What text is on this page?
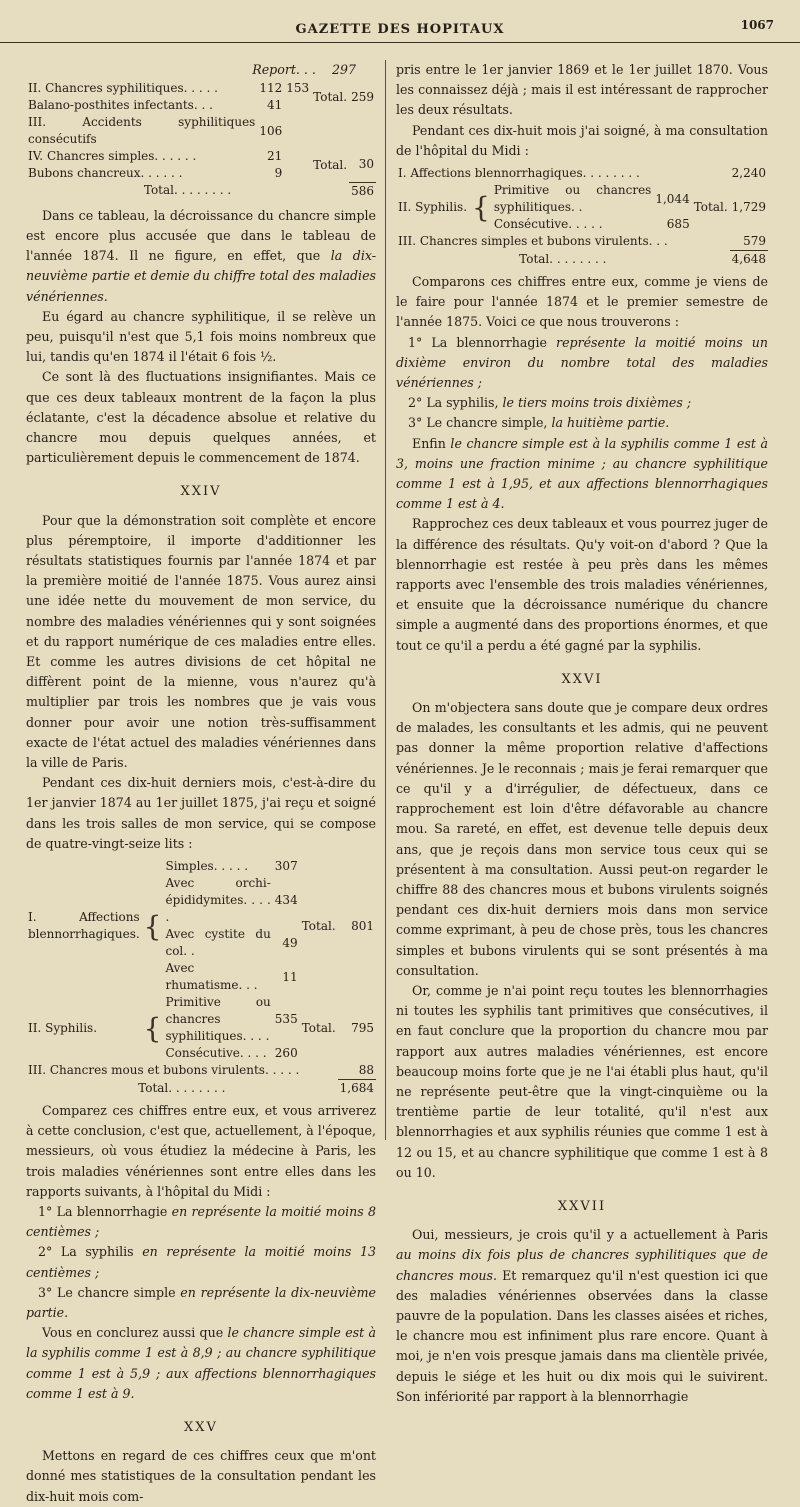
GAZETTE DES HOPITAUX	1067
Report. . . 297
II. Chancres syphilitiques. . . . .	112	153	Total.	259
Balano-posthites infectants. . .	41			
III. Accidents syphilitiques consécutifs	106			
IV. Chancres simples. . . . . .	21		Total.	30
Bubons chancreux. . . . . .	9			
Total. . . . . . . .				586

Dans ce tableau, la décroissance du chancre simple est encore plus accusée que dans le tableau de l'année 1874. Il ne figure, en effet, que la dix-neuvième partie et demie du chiffre total des maladies vénériennes.

Eu égard au chancre syphilitique, il se relève un peu, puisqu'il n'est que 5,1 fois moins nombreux que lui, tandis qu'en 1874 il l'était 6 fois ½.

Ce sont là des fluctuations insignifiantes. Mais ce que ces deux tableaux montrent de la façon la plus éclatante, c'est la décadence absolue et relative du chancre mou depuis quelques années, et particulièrement depuis le commencement de 1874.

XXIV

Pour que la démonstration soit complète et encore plus péremptoire, il importe d'additionner les résultats statistiques fournis par l'année 1874 et par la première moitié de l'année 1875. Vous aurez ainsi une idée nette du mouvement de mon service, du nombre des maladies vénériennes qui y sont soignées et du rapport numérique de ces maladies entre elles. Et comme les autres divisions de cet hôpital ne diffèrent point de la mienne, vous n'aurez qu'à multiplier par trois les nombres que je vais vous donner pour avoir une notion très-suffisamment exacte de l'état actuel des maladies vénériennes dans la ville de Paris.

Pendant ces dix-huit derniers mois, c'est-à-dire du 1er janvier 1874 au 1er juillet 1875, j'ai reçu et soigné dans les trois salles de mon service, qui se compose de quatre-vingt-seize lits :

I. Affections blennorrhagiques.	{	Simples. . . . .	307	Total.	801
		Avec orchi-épididymites. . . . .	434		
		Avec cystite du col. .	49		
		Avec rhumatisme. . .	11		
II. Syphilis.	{	Primitive ou chancres syphilitiques. . . .	535	Total.	795
		Consécutive. . . .	260		
III. Chancres mous et bubons virulents. . . . .					88
Total. . . . . . . .					1,684

Comparez ces chiffres entre eux, et vous arriverez à cette conclusion, c'est que, actuellement, à l'époque, messieurs, où vous étudiez la médecine à Paris, les trois maladies vénériennes sont entre elles dans les rapports suivants, à l'hôpital du Midi :

1° La blennorrhagie en représente la moitié moins 8 centièmes ;

2° La syphilis en représente la moitié moins 13 centièmes ;

3° Le chancre simple en représente la dix-neuvième partie.

Vous en conclurez aussi que le chancre simple est à la syphilis comme 1 est à 8,9 ; au chancre syphilitique comme 1 est à 5,9 ; aux affections blennorrhagiques comme 1 est à 9.

XXV

Mettons en regard de ces chiffres ceux que m'ont donné mes statistiques de la consultation pendant les dix-huit mois com-

pris entre le 1er janvier 1869 et le 1er juillet 1870. Vous les connaissez déjà ; mais il est intéressant de rapprocher les deux résultats.

Pendant ces dix-huit mois j'ai soigné, à ma consultation de l'hôpital du Midi :

I. Affections blennorrhagiques. . . . . . . .					2,240
II. Syphilis.	{	Primitive ou chancres syphilitiques. .	1,044	Total.	1,729
		Consécutive. . . . .	685		
III. Chancres simples et bubons virulents. . .					579
Total. . . . . . . .					4,648

Comparons ces chiffres entre eux, comme je viens de le faire pour l'année 1874 et le premier semestre de l'année 1875. Voici ce que nous trouverons :

1° La blennorrhagie représente la moitié moins un dixième environ du nombre total des maladies vénériennes ;

2° La syphilis, le tiers moins trois dixièmes ;

3° Le chancre simple, la huitième partie.

Enfin le chancre simple est à la syphilis comme 1 est à 3, moins une fraction minime ; au chancre syphilitique comme 1 est à 1,95, et aux affections blennorrhagiques comme 1 est à 4.

Rapprochez ces deux tableaux et vous pourrez juger de la différence des résultats. Qu'y voit-on d'abord ? Que la blennorrhagie est restée à peu près dans les mêmes rapports avec l'ensemble des trois maladies vénériennes, et ensuite que la décroissance numérique du chancre simple a augmenté dans des proportions énormes, et que tout ce qu'il a perdu a été gagné par la syphilis.

XXVI

On m'objectera sans doute que je compare deux ordres de malades, les consultants et les admis, qui ne peuvent pas donner la même proportion relative d'affections vénériennes. Je le reconnais ; mais je ferai remarquer que ce qu'il y a d'irrégulier, de défectueux, dans ce rapprochement est loin d'être défavorable au chancre mou. Sa rareté, en effet, est devenue telle depuis deux ans, que je reçois dans mon service tous ceux qui se présentent à ma consultation. Aussi peut-on regarder le chiffre 88 des chancres mous et bubons virulents soignés pendant ces dix-huit derniers mois dans mon service comme exprimant, à peu de chose près, tous les chancres simples et bubons virulents qui se sont présentés à ma consultation.

Or, comme je n'ai point reçu toutes les blennorrhagies ni toutes les syphilis tant primitives que consécutives, il en faut conclure que la proportion du chancre mou par rapport aux autres maladies vénériennes, est encore beaucoup moins forte que je ne l'ai établi plus haut, qu'il ne représente peut-être que la vingt-cinquième ou la trentième partie de leur totalité, qu'il n'est aux blennorrhagies et aux syphilis réunies que comme 1 est à 12 ou 15, et au chancre syphilitique que comme 1 est à 8 ou 10.

XXVII

Oui, messieurs, je crois qu'il y a actuellement à Paris au moins dix fois plus de chancres syphilitiques que de chancres mous. Et remarquez qu'il n'est question ici que des maladies vénériennes observées dans la classe pauvre de la population. Dans les classes aisées et riches, le chancre mou est infiniment plus rare encore. Quant à moi, je n'en vois presque jamais dans ma clientèle privée, depuis le siége et les huit ou dix mois qui le suivirent. Son infériorité par rapport à la blennorrhagie
